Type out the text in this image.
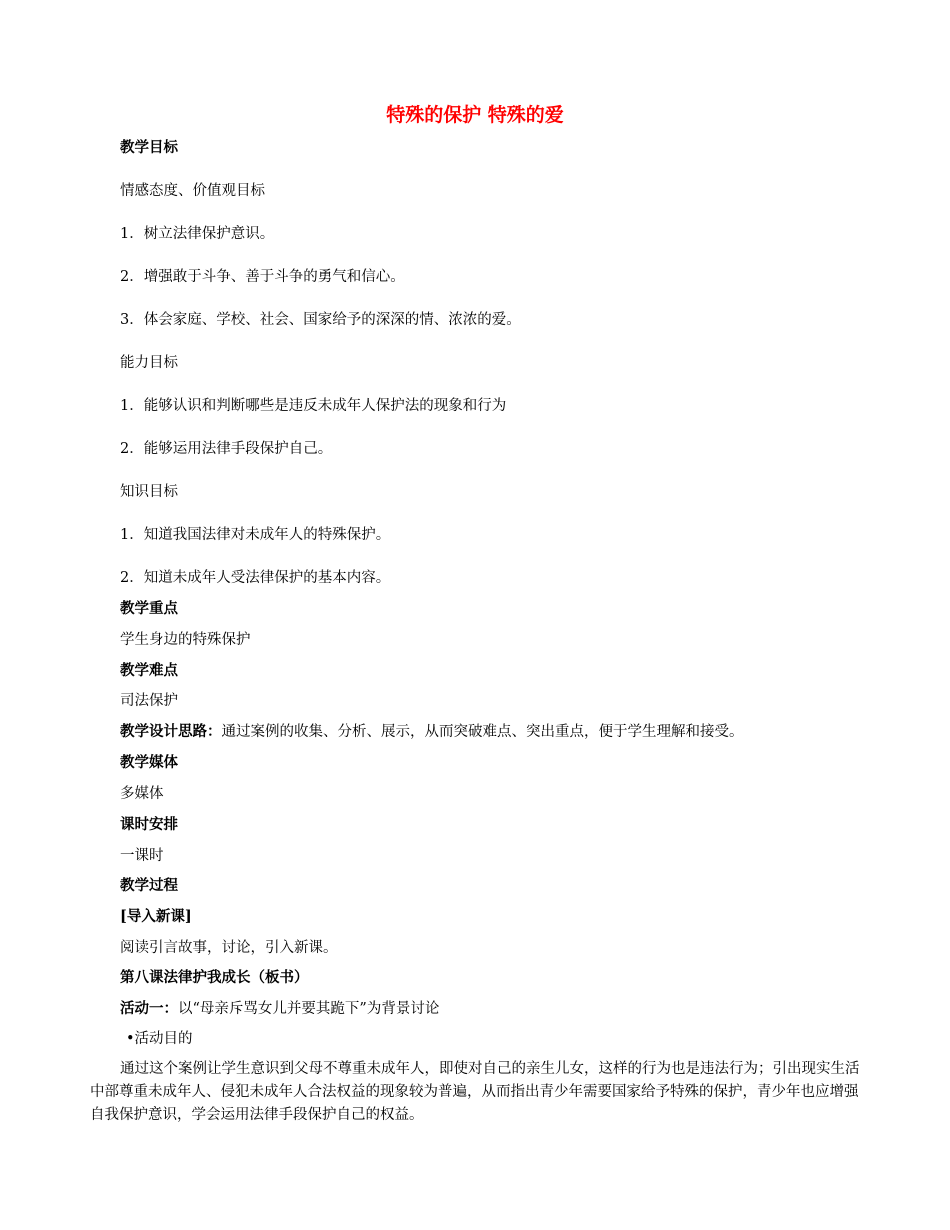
特殊的保护 特殊的爱
教学目标
情感态度、价值观目标
1．树立法律保护意识。
2．增强敢于斗争、善于斗争的勇气和信心。
3．体会家庭、学校、社会、国家给予的深深的情、浓浓的爱。
能力目标
1．能够认识和判断哪些是违反未成年人保护法的现象和行为
2．能够运用法律手段保护自己。
知识目标
1．知道我国法律对未成年人的特殊保护。
2．知道未成年人受法律保护的基本内容。
教学重点
学生身边的特殊保护
教学难点
司法保护
教学设计思路：通过案例的收集、分析、展示，从而突破难点、突出重点，便于学生理解和接受。
教学媒体
多媒体
课时安排
一课时
教学过程
[导入新课]
阅读引言故事，讨论，引入新课。
第八课法律护我成长（板书）
活动一：以“母亲斥骂女儿并要其跪下”为背景讨论
•活动目的
通过这个案例让学生意识到父母不尊重未成年人，即使对自己的亲生儿女，这样的行为也是违法行为；引出现实生活中部尊重未成年人、侵犯未成年人合法权益的现象较为普遍，从而指出青少年需要国家给予特殊的保护，青少年也应增强自我保护意识，学会运用法律手段保护自己的权益。
